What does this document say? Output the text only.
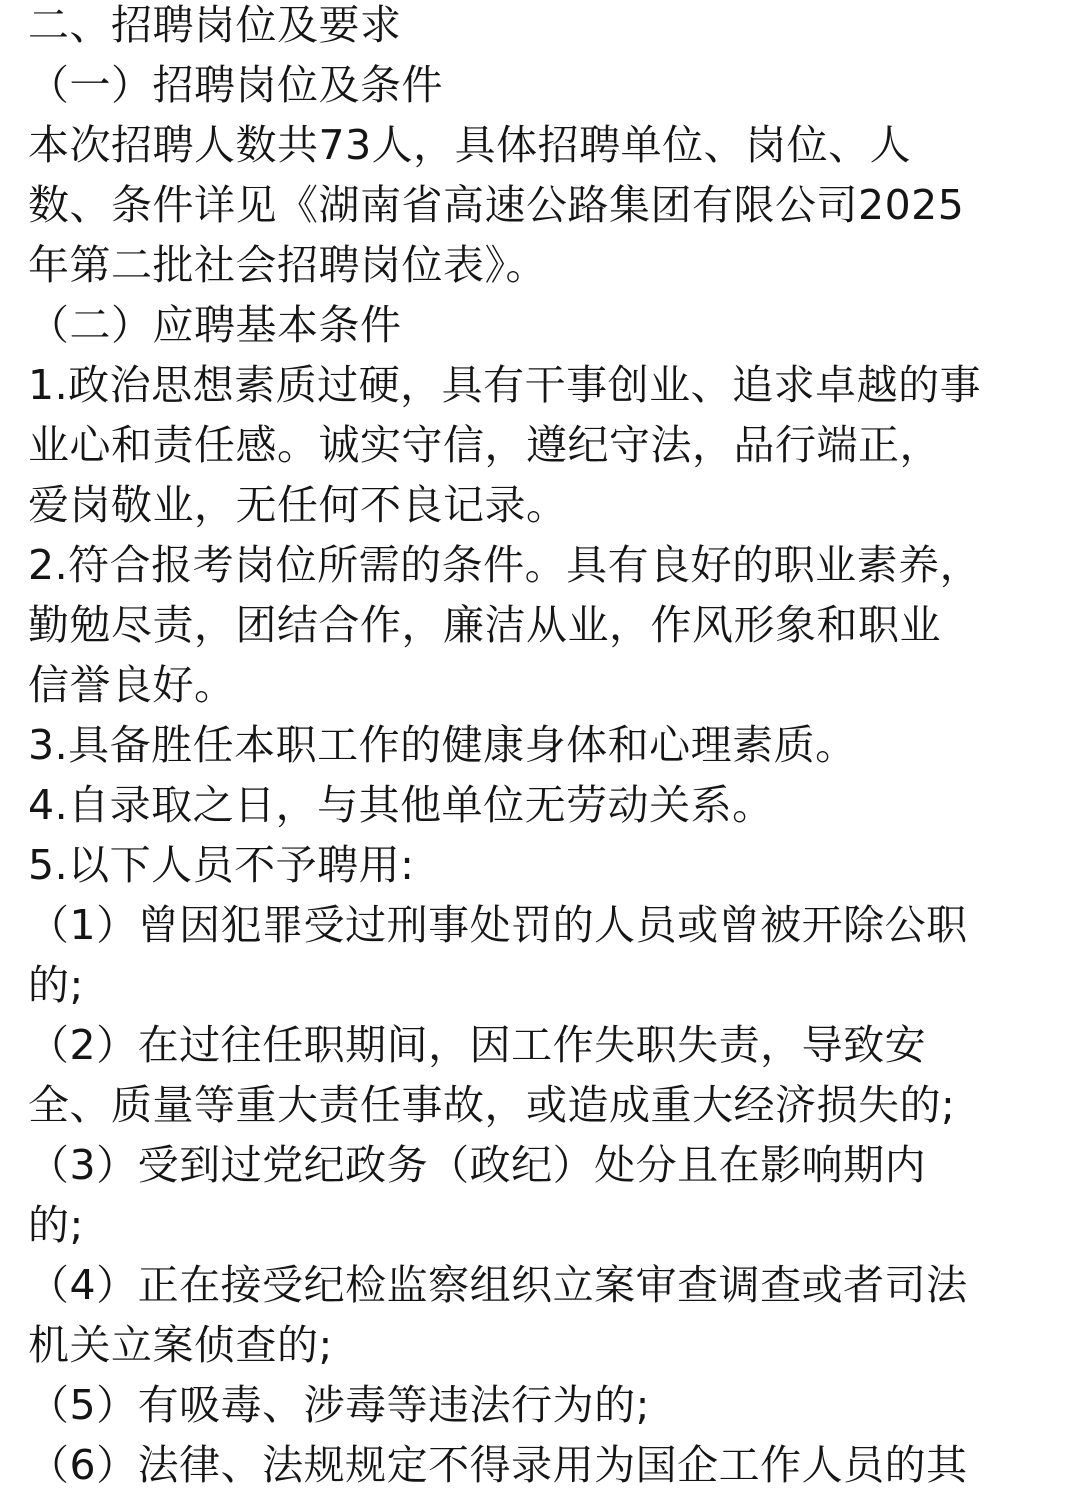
二、招聘岗位及要求
（一）招聘岗位及条件
本次招聘人数共73人，具体招聘单位、岗位、人
数、条件详见《湖南省高速公路集团有限公司2025
年第二批社会招聘岗位表》。
（二）应聘基本条件
1.政治思想素质过硬，具有干事创业、追求卓越的事
业心和责任感。诚实守信，遵纪守法，品行端正，
爱岗敬业，无任何不良记录。
2.符合报考岗位所需的条件。具有良好的职业素养，
勤勉尽责，团结合作，廉洁从业，作风形象和职业
信誉良好。
3.具备胜任本职工作的健康身体和心理素质。
4.自录取之日，与其他单位无劳动关系。
5.以下人员不予聘用:
（1）曾因犯罪受过刑事处罚的人员或曾被开除公职
的;
（2）在过往任职期间，因工作失职失责，导致安
全、质量等重大责任事故，或造成重大经济损失的;
（3）受到过党纪政务（政纪）处分且在影响期内
的;
（4）正在接受纪检监察组织立案审查调查或者司法
机关立案侦查的;
（5）有吸毒、涉毒等违法行为的;
（6）法律、法规规定不得录用为国企工作人员的其
